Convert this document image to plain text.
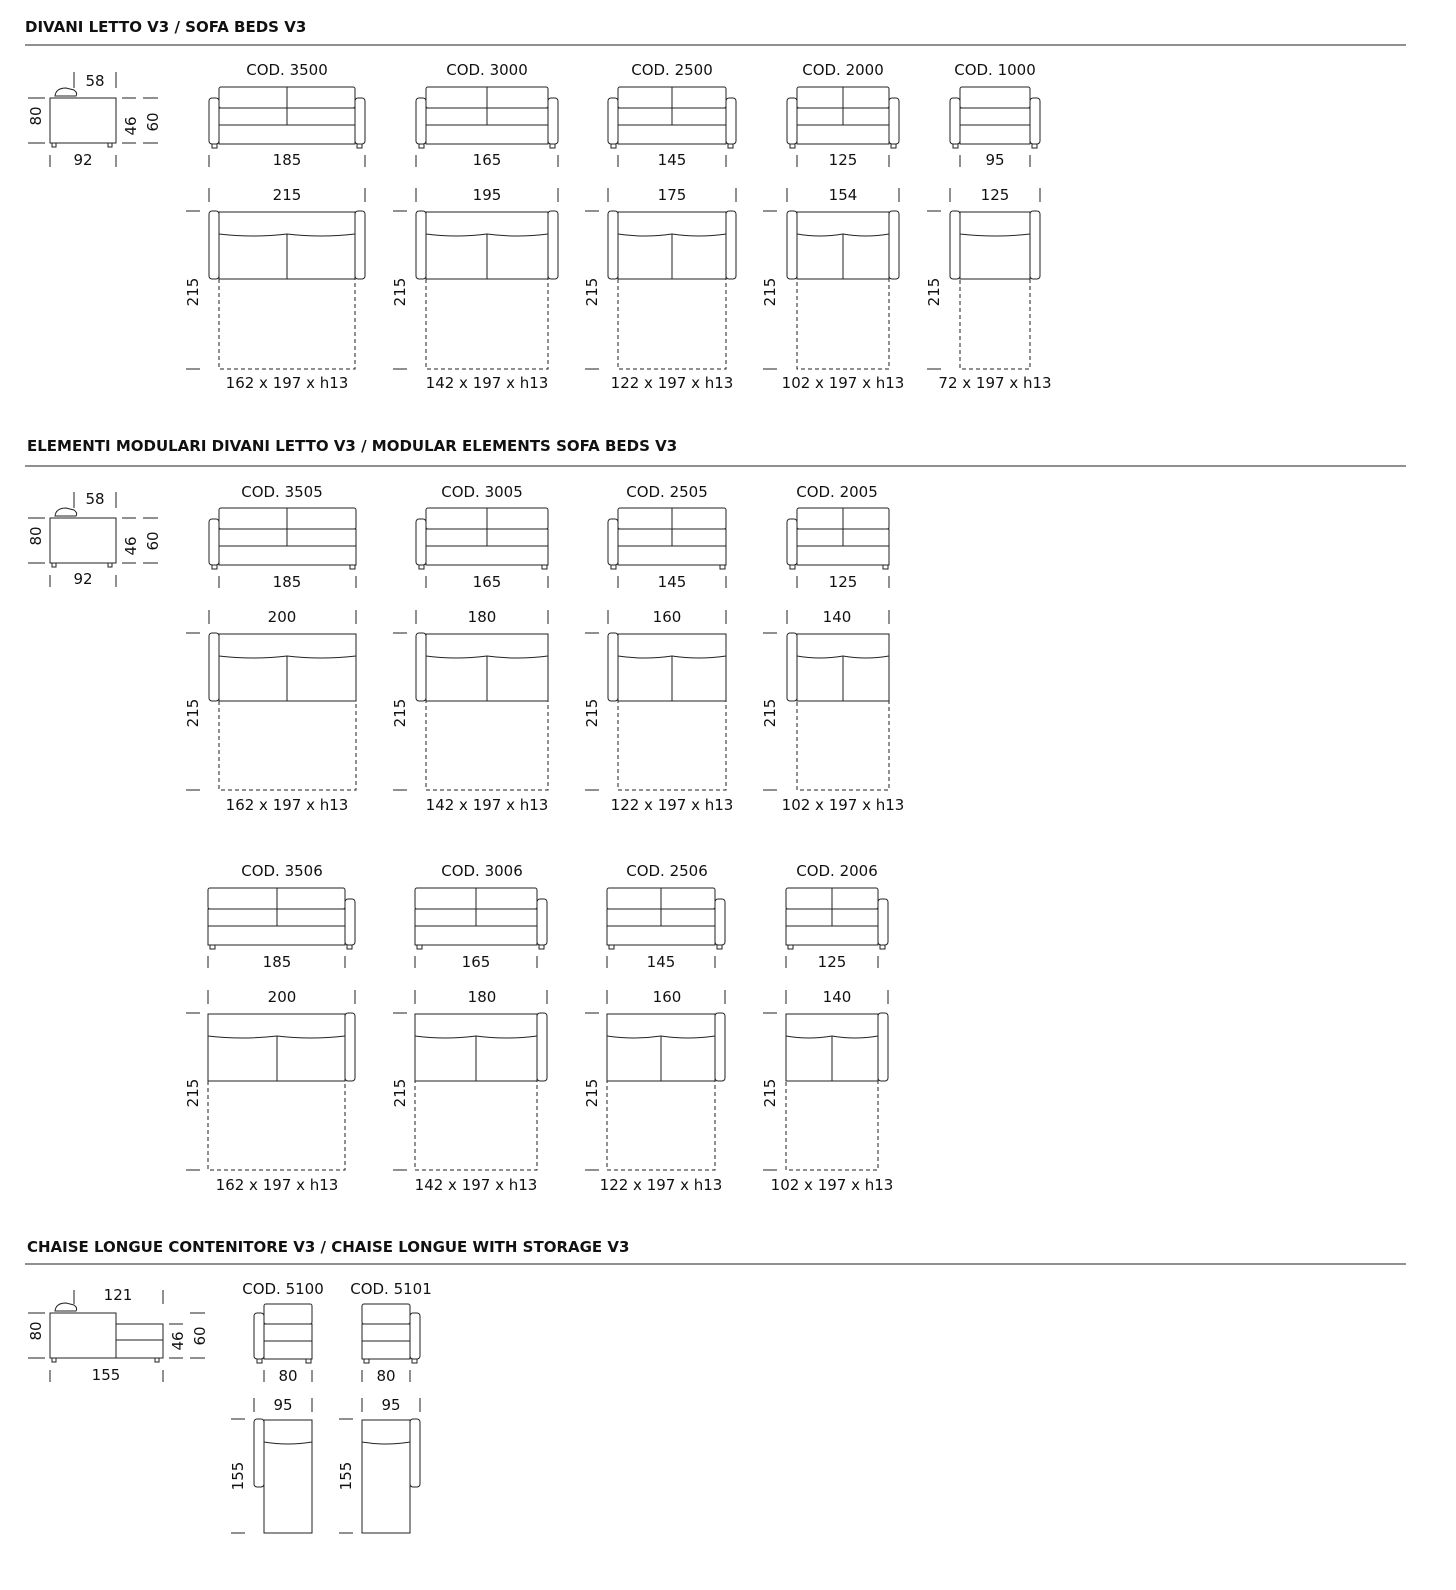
DIVANI LETTO V3 / SOFA BEDS V3
58
80
46 60
92
COD. 3500
185
215
215
162 x 197 x h13
COD. 3000
165
195
215
142 x 197 x h13
COD. 2500
145
175
215
122 x 197 x h13
COD. 2000
125
154
215
102 x 197 x h13
COD. 1000
95
125
215
72 x 197 x h13
ELEMENTI MODULARI DIVANI LETTO V3 / MODULAR ELEMENTS SOFA BEDS V3
58
80
46 60
92
COD. 3505
185
200
215
162 x 197 x h13
COD. 3005
165
180
215
142 x 197 x h13
COD. 2505
145
160
215
122 x 197 x h13
COD. 2005
125
140
215
102 x 197 x h13
COD. 3506
185
200
215
162 x 197 x h13
COD. 3006
165
180
215
142 x 197 x h13
COD. 2506
145
160
215
122 x 197 x h13
COD. 2006
125
140
215
102 x 197 x h13
CHAISE LONGUE CONTENITORE V3 / CHAISE LONGUE WITH STORAGE V3
121
80
46 60
155
COD. 5100
80
95
155
COD. 5101
80
95
155
